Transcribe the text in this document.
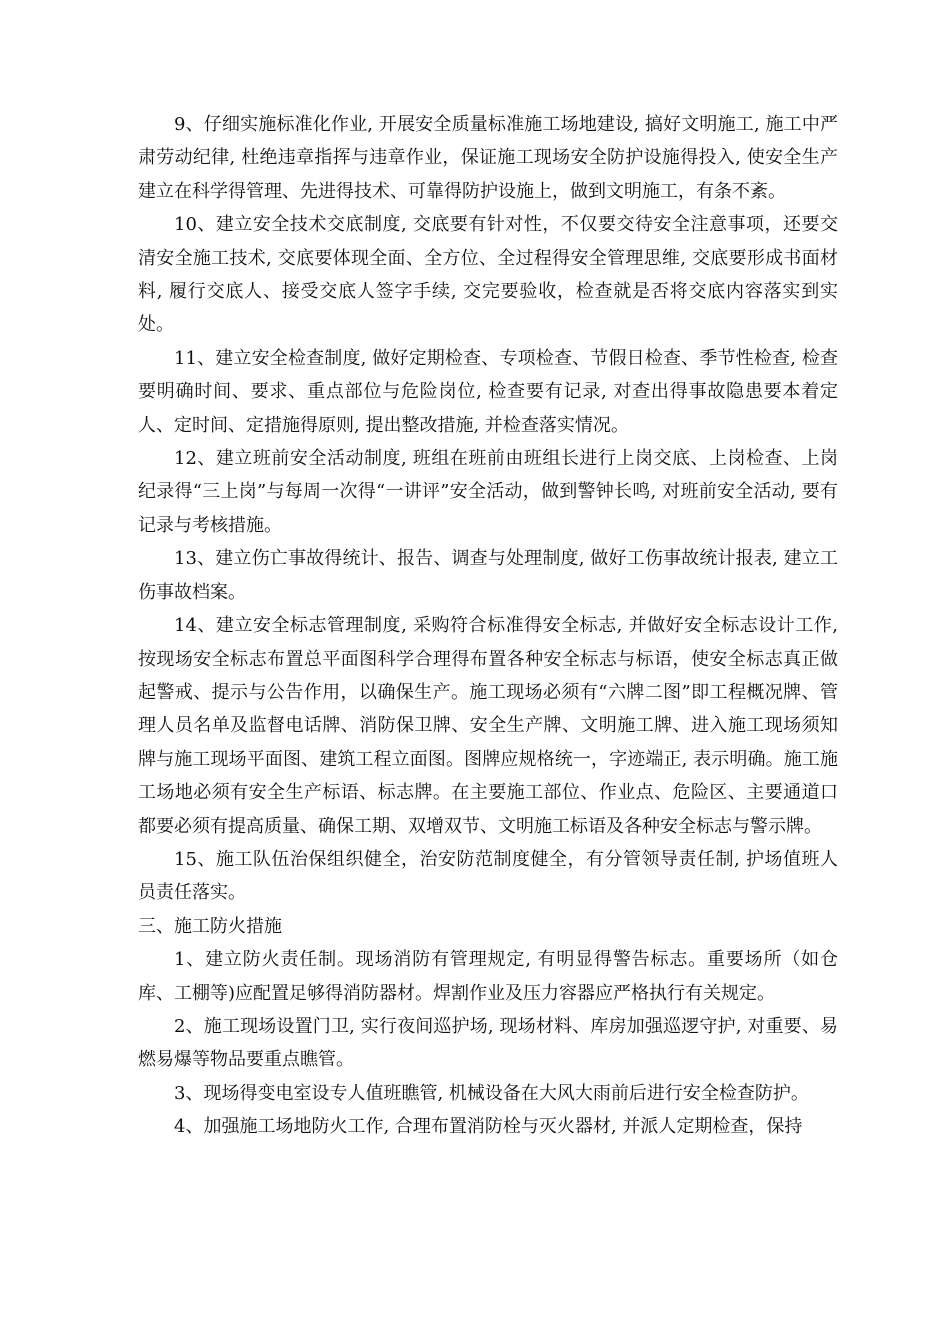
9、仔细实施标准化作业, 开展安全质量标准施工场地建设, 搞好文明施工, 施工中严肃劳动纪律, 杜绝违章指挥与违章作业，保证施工现场安全防护设施得投入, 使安全生产建立在科学得管理、先进得技术、可靠得防护设施上，做到文明施工，有条不紊。

10、建立安全技术交底制度, 交底要有针对性，不仅要交待安全注意事项，还要交清安全施工技术, 交底要体现全面、全方位、全过程得安全管理思维, 交底要形成书面材料, 履行交底人、接受交底人签字手续, 交完要验收，检查就是否将交底内容落实到实处。

11、建立安全检查制度, 做好定期检查、专项检查、节假日检查、季节性检查, 检查要明确时间、要求、重点部位与危险岗位, 检查要有记录, 对查出得事故隐患要本着定人、定时间、定措施得原则, 提出整改措施, 并检查落实情况。

12、建立班前安全活动制度, 班组在班前由班组长进行上岗交底、上岗检查、上岗纪录得“三上岗”与每周一次得“一讲评”安全活动，做到警钟长鸣, 对班前安全活动, 要有记录与考核措施。

13、建立伤亡事故得统计、报告、调查与处理制度, 做好工伤事故统计报表, 建立工伤事故档案。

14、建立安全标志管理制度, 采购符合标准得安全标志, 并做好安全标志设计工作, 按现场安全标志布置总平面图科学合理得布置各种安全标志与标语，使安全标志真正做起警戒、提示与公告作用，以确保生产。施工现场必须有“六牌二图”即工程概况牌、管理人员名单及监督电话牌、消防保卫牌、安全生产牌、文明施工牌、进入施工现场须知牌与施工现场平面图、建筑工程立面图。图牌应规格统一，字迹端正, 表示明确。施工施工场地必须有安全生产标语、标志牌。在主要施工部位、作业点、危险区、主要通道口都要必须有提高质量、确保工期、双增双节、文明施工标语及各种安全标志与警示牌。

15、施工队伍治保组织健全，治安防范制度健全，有分管领导责任制, 护场值班人员责任落实。

三、施工防火措施

1、建立防火责任制。现场消防有管理规定, 有明显得警告标志。重要场所（如仓库、工棚等)应配置足够得消防器材。焊割作业及压力容器应严格执行有关规定。

2、施工现场设置门卫, 实行夜间巡护场, 现场材料、库房加强巡逻守护, 对重要、易燃易爆等物品要重点瞧管。

3、现场得变电室设专人值班瞧管, 机械设备在大风大雨前后进行安全检查防护。

4、加强施工场地防火工作, 合理布置消防栓与灭火器材, 并派人定期检查，保持
